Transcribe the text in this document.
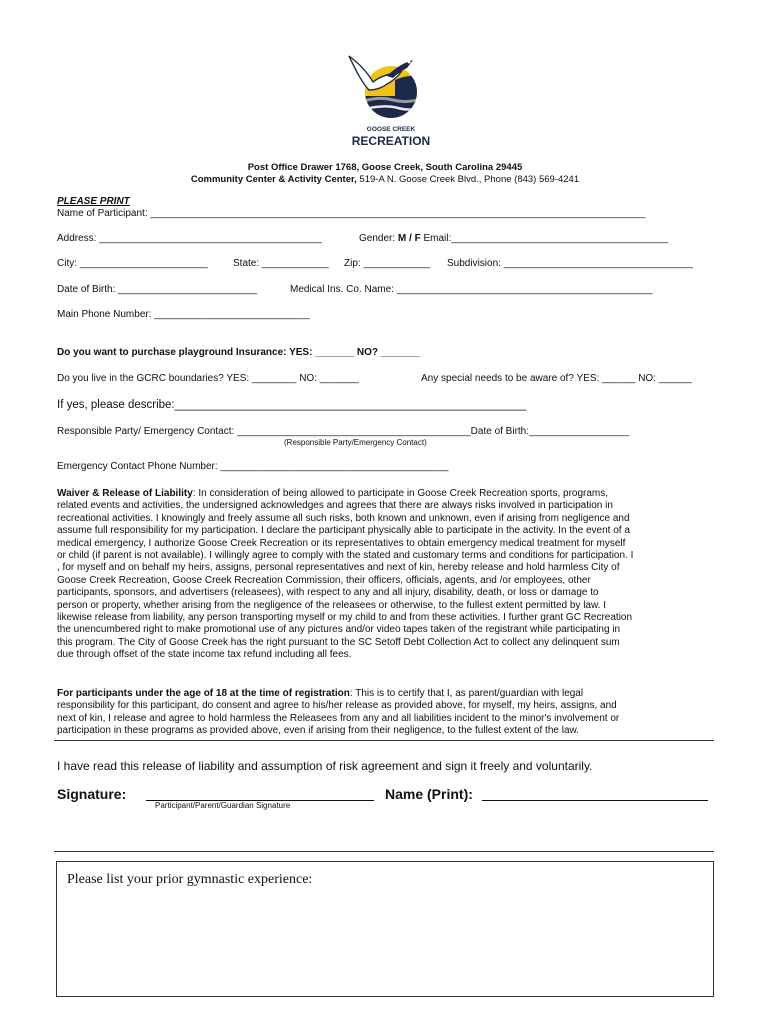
GOOSE CREEK
RECREATION
Post Office Drawer 1768, Goose Creek, South Carolina 29445
Community Center & Activity Center, 519-A N. Goose Creek Blvd., Phone (843) 569-4241
PLEASE PRINT
Name of Participant: _________________________________________________________________________________________
Address: ________________________________________	Gender: M / F Email:_______________________________________
City: _______________________	State: ____________ Zip: ____________ Subdivision: __________________________________
Date of Birth: _________________________	Medical Ins. Co. Name: ______________________________________________
Main Phone Number: ____________________________
Do you want to purchase playground Insurance: YES: _______ NO? _______
Do you live in the GCRC boundaries? YES: ________ NO: _______	Any special needs to be aware of? YES: ______ NO: ______
If yes, please describe:_______________________________________________________
Responsible Party/ Emergency Contact: __________________________________________Date of Birth:__________________
(Responsible Party/Emergency Contact)
Emergency Contact Phone Number: _________________________________________
Waiver & Release of Liability: In consideration of being allowed to participate in Goose Creek Recreation sports, programs,
related events and activities, the undersigned acknowledges and agrees that there are always risks involved in participation in
recreational activities. I knowingly and freely assume all such risks, both known and unknown, even if arising from negligence and
assume full responsibility for my participation. I declare the participant physically able to participate in the activity. In the event of a
medical emergency, I authorize Goose Creek Recreation or its representatives to obtain emergency medical treatment for myself
or child (if parent is not available). I willingly agree to comply with the stated and customary terms and conditions for participation. I
, for myself and on behalf my heirs, assigns, personal representatives and next of kin, hereby release and hold harmless City of
Goose Creek Recreation, Goose Creek Recreation Commission, their officers, officials, agents, and /or employees, other
participants, sponsors, and advertisers (releasees), with respect to any and all injury, disability, death, or loss or damage to
person or property, whether arising from the negligence of the releasees or otherwise, to the fullest extent permitted by law. I
likewise release from liability, any person transporting myself or my child to and from these activities. I further grant GC Recreation
the unencumbered right to make promotional use of any pictures and/or video tapes taken of the registrant while participating in
this program. The City of Goose Creek has the right pursuant to the SC Setoff Debt Collection Act to collect any delinquent sum
due through offset of the state income tax refund including all fees.
For participants under the age of 18 at the time of registration: This is to certify that I, as parent/guardian with legal
responsibility for this participant, do consent and agree to his/her release as provided above, for myself, my heirs, assigns, and
next of kin, I release and agree to hold harmless the Releasees from any and all liabilities incident to the minor's involvement or
participation in these programs as provided above, even if arising from their negligence, to the fullest extent of the law.
I have read this release of liability and assumption of risk agreement and sign it freely and voluntarily.
Signature:
Participant/Parent/Guardian Signature
Name (Print):
Please list your prior gymnastic experience:
